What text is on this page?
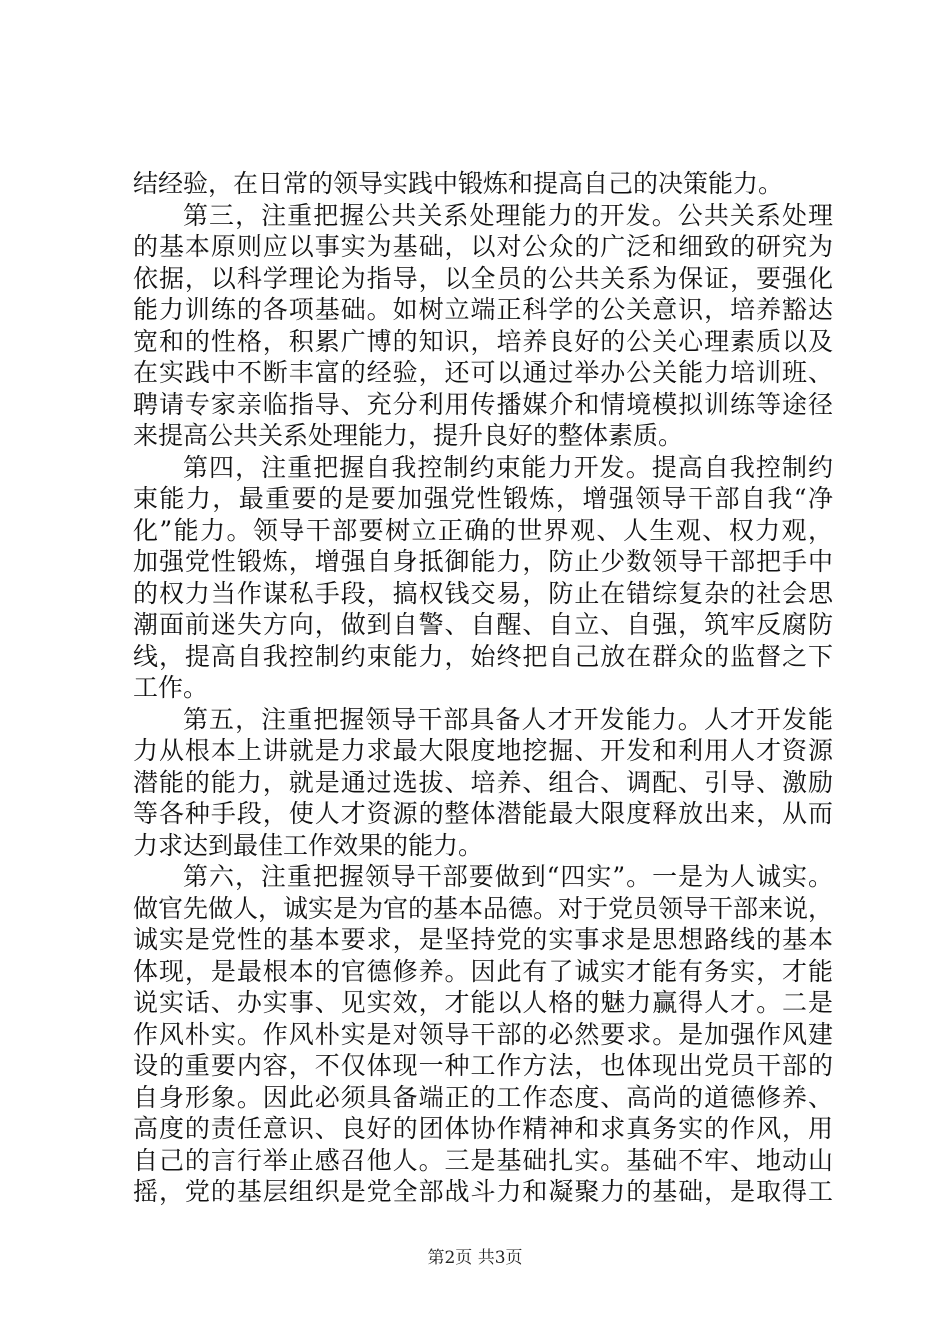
结经验，在日常的领导实践中锻炼和提高自己的决策能力。
第三，注重把握公共关系处理能力的开发。公共关系处理
的基本原则应以事实为基础，以对公众的广泛和细致的研究为
依据，以科学理论为指导，以全员的公共关系为保证，要强化
能力训练的各项基础。如树立端正科学的公关意识，培养豁达
宽和的性格，积累广博的知识，培养良好的公关心理素质以及
在实践中不断丰富的经验，还可以通过举办公关能力培训班、
聘请专家亲临指导、充分利用传播媒介和情境模拟训练等途径
来提高公共关系处理能力，提升良好的整体素质。
第四，注重把握自我控制约束能力开发。提高自我控制约
束能力，最重要的是要加强党性锻炼，增强领导干部自我“净
化”能力。领导干部要树立正确的世界观、人生观、权力观，
加强党性锻炼，增强自身抵御能力，防止少数领导干部把手中
的权力当作谋私手段，搞权钱交易，防止在错综复杂的社会思
潮面前迷失方向，做到自警、自醒、自立、自强，筑牢反腐防
线，提高自我控制约束能力，始终把自己放在群众的监督之下
工作。
第五，注重把握领导干部具备人才开发能力。人才开发能
力从根本上讲就是力求最大限度地挖掘、开发和利用人才资源
潜能的能力，就是通过选拔、培养、组合、调配、引导、激励
等各种手段，使人才资源的整体潜能最大限度释放出来，从而
力求达到最佳工作效果的能力。
第六，注重把握领导干部要做到“四实”。一是为人诚实。
做官先做人，诚实是为官的基本品德。对于党员领导干部来说，
诚实是党性的基本要求，是坚持党的实事求是思想路线的基本
体现，是最根本的官德修养。因此有了诚实才能有务实，才能
说实话、办实事、见实效，才能以人格的魅力赢得人才。二是
作风朴实。作风朴实是对领导干部的必然要求。是加强作风建
设的重要内容，不仅体现一种工作方法，也体现出党员干部的
自身形象。因此必须具备端正的工作态度、高尚的道德修养、
高度的责任意识、良好的团体协作精神和求真务实的作风，用
自己的言行举止感召他人。三是基础扎实。基础不牢、地动山
摇，党的基层组织是党全部战斗力和凝聚力的基础，是取得工
第2页 共3页
